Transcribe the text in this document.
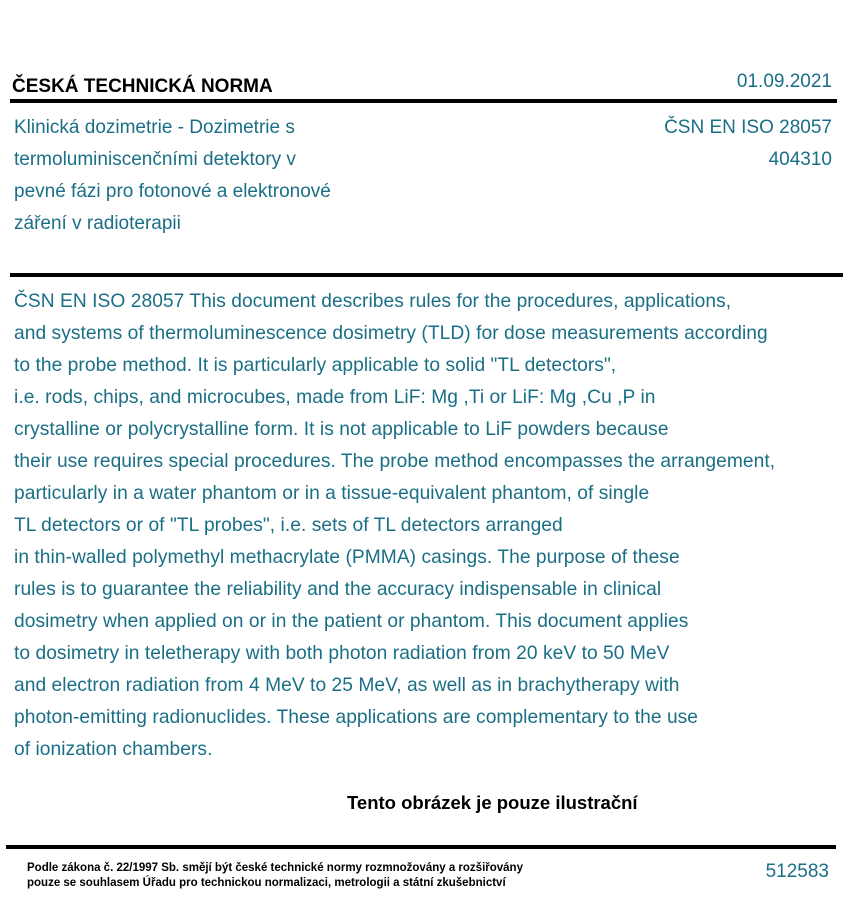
ČESKÁ TECHNICKÁ NORMA	01.09.2021
Klinická dozimetrie - Dozimetrie s
termoluminiscenčními detektory v
pevné fázi pro fotonové a elektronové
záření v radioterapii
ČSN EN ISO 28057
404310
ČSN EN ISO 28057 This document describes rules for the procedures, applications,
and systems of thermoluminescence dosimetry (TLD) for dose measurements according
to the probe method. It is particularly applicable to solid "TL detectors",
i.e. rods, chips, and microcubes, made from LiF: Mg ,Ti or LiF: Mg ,Cu ,P in
crystalline or polycrystalline form. It is not applicable to LiF powders because
their use requires special procedures. The probe method encompasses the arrangement,
particularly in a water phantom or in a tissue-equivalent phantom, of single
TL detectors or of "TL probes", i.e. sets of TL detectors arranged
in thin-walled polymethyl methacrylate (PMMA) casings. The purpose of these
rules is to guarantee the reliability and the accuracy indispensable in clinical
dosimetry when applied on or in the patient or phantom. This document applies
to dosimetry in teletherapy with both photon radiation from 20 keV to 50 MeV
and electron radiation from 4 MeV to 25 MeV, as well as in brachytherapy with
photon-emitting radionuclides. These applications are complementary to the use
of ionization chambers.
Tento obrázek je pouze ilustrační
Podle zákona č. 22/1997 Sb. smějí být české technické normy rozmnožovány a rozšiřovány
pouze se souhlasem Úřadu pro technickou normalizaci, metrologii a státní zkušebnictví
512583
